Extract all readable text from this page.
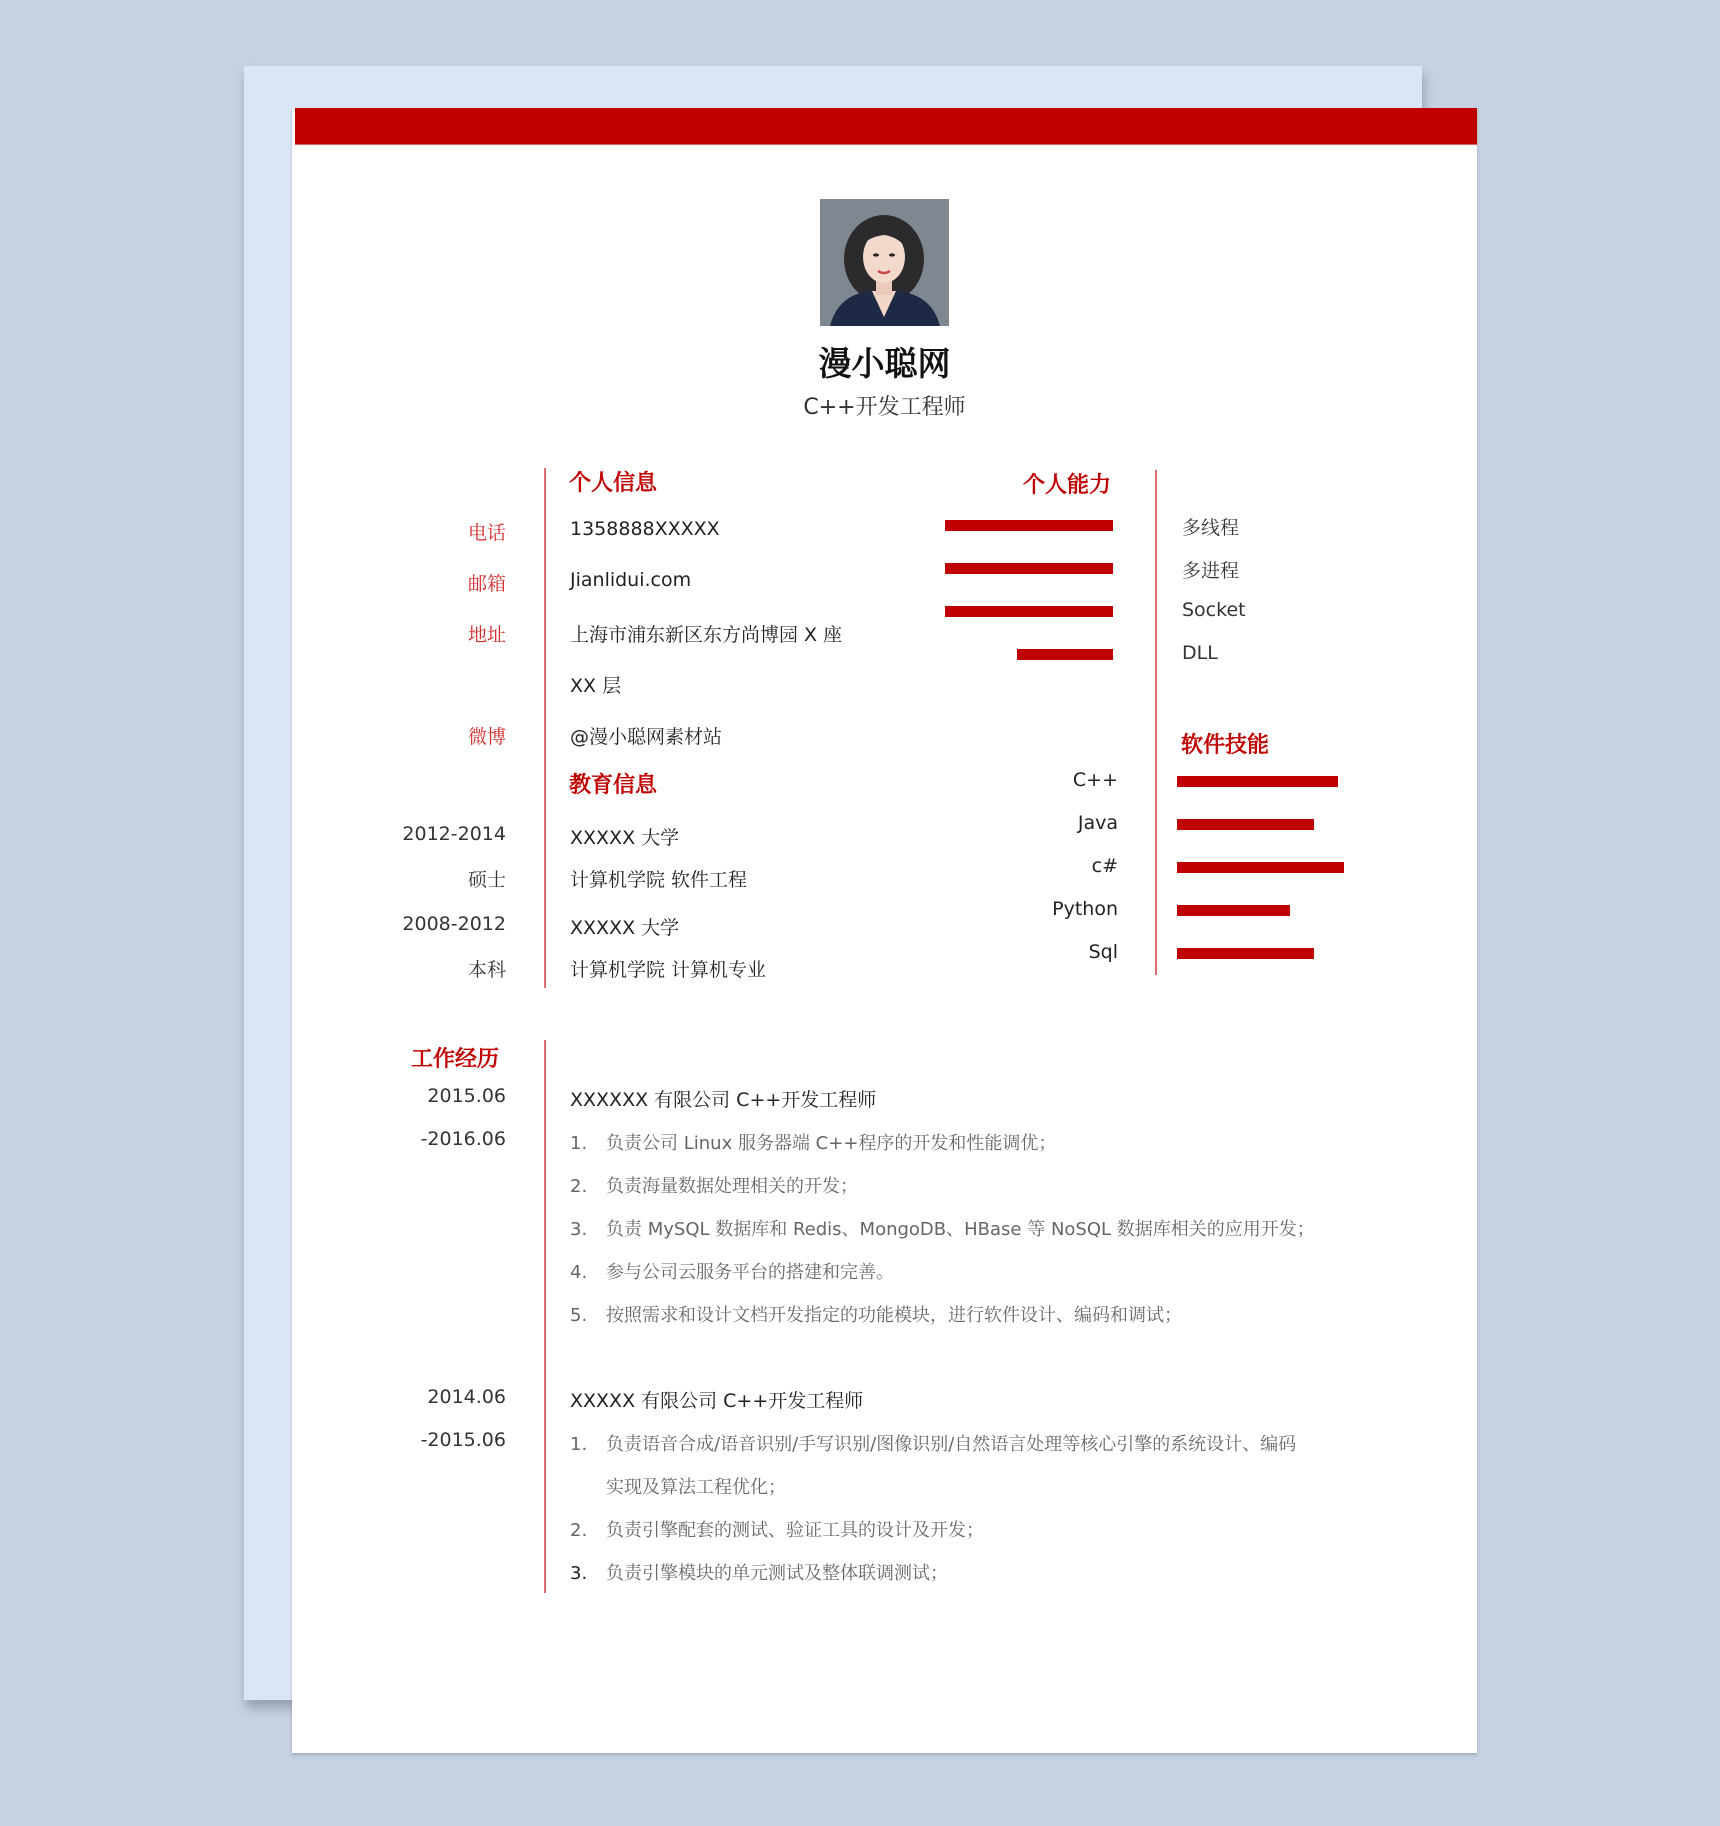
漫小聪网
C++开发工程师
个人信息
电话	1358888XXXXX
邮箱	Jianlidui.com
地址	上海市浦东新区东方尚博园 X 座
XX 层
微博	@漫小聪网素材站
教育信息
2012-2014	XXXXX 大学
硕士	计算机学院 软件工程
2008-2012	XXXXX 大学
本科	计算机学院 计算机专业
个人能力
多线程
多进程
Socket
DLL
软件技能
C++
Java
c#
Python
Sql
工作经历
2015.06
-2016.06
XXXXXX 有限公司 C++开发工程师
1. 负责公司 Linux 服务器端 C++程序的开发和性能调优；
2. 负责海量数据处理相关的开发；
3. 负责 MySQL 数据库和 Redis、MongoDB、HBase 等 NoSQL 数据库相关的应用开发；
4. 参与公司云服务平台的搭建和完善。
5. 按照需求和设计文档开发指定的功能模块，进行软件设计、编码和调试；
2014.06
-2015.06
XXXXX 有限公司 C++开发工程师
1. 负责语音合成/语音识别/手写识别/图像识别/自然语言处理等核心引擎的系统设计、编码
实现及算法工程优化；
2. 负责引擎配套的测试、验证工具的设计及开发；
3. 负责引擎模块的单元测试及整体联调测试；
